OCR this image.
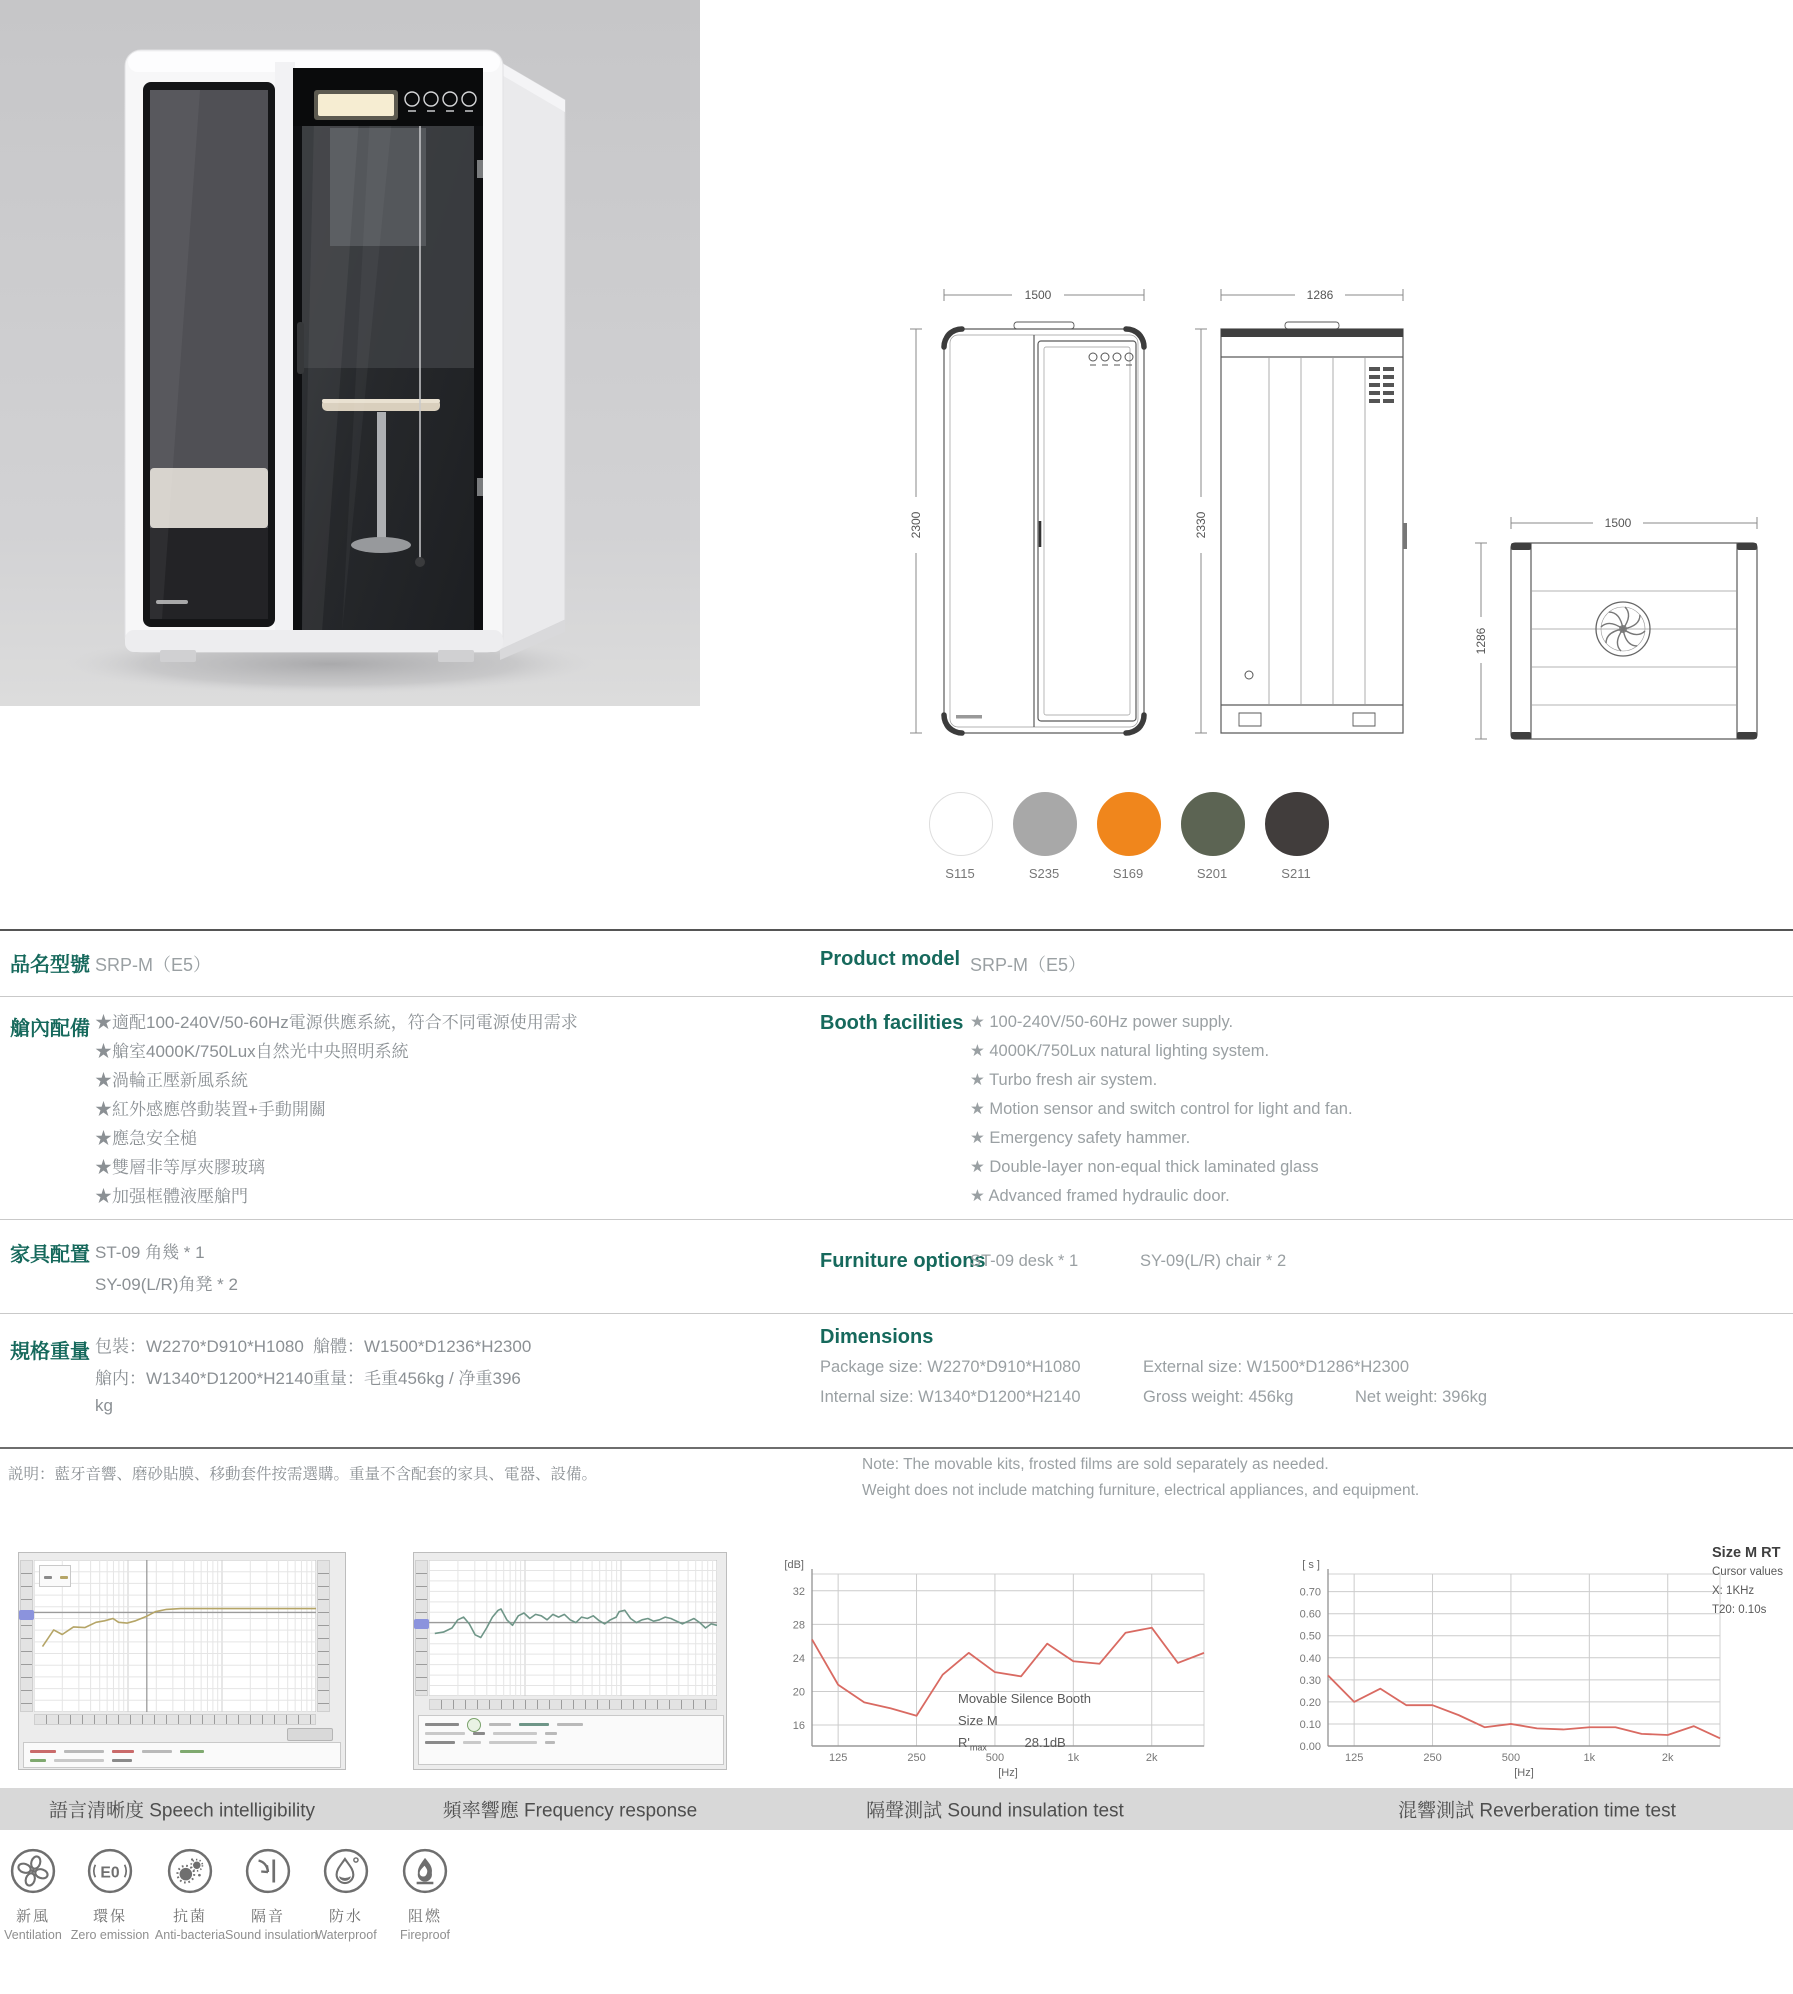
1500
2300
1286
2330	1500
1286
S115	S235	S169	S201	S211
品名型號 SRP-M（E5）	Product model SRP-M（E5）
艙內配備 ★適配100-240V/50-60Hz電源供應系統，符合不同電源使用需求
★艙室4000K/750Lux自然光中央照明系統
★渦輪正壓新風系統
★紅外感應啓動裝置+手動開關
★應急安全槌
★雙層非等厚夾膠玻璃
★加强框體液壓艙門
Booth facilities ★ 100-240V/50-60Hz power supply.
★ 4000K/750Lux natural lighting system.
★ Turbo fresh air system.
★ Motion sensor and switch control for light and fan.
★ Emergency safety hammer.
★ Double-layer non-equal thick laminated glass
★ Advanced framed hydraulic door.
家具配置 ST-09 角幾 * 1
SY-09(L/R)角凳 * 2
Furniture options
ST-09 desk * 1	SY-09(L/R) chair * 2
規格重量 包裝：W2270*D910*H1080 艙體：W1500*D1236*H2300
艙内：W1340*D1200*H2140 重量：毛重456kg / 净重396
kg
Dimensions
Package size: W2270*D910*H1080	External size: W1500*D1286*H2300
Internal size: W1340*D1200*H2140	Gross weight: 456kg	Net weight: 396kg
説明：藍牙音響、磨砂貼膜、移動套件按需選購。重量不含配套的家具、電器、設備。
Note: The movable kits, frosted films are sold separately as needed.
Weight does not include matching furniture, electrical appliances, and equipment.

16
20
24
28
32
125	250	500	1k	2k
[dB]
[Hz]
Movable Silence Booth
Size M
$R'_{max}$	28.1dB	0.00
0.10
0.20
0.30
0.40
0.50
0.60
0.70
125	250	500	1k	2k
[ s ]
[Hz]
Size M RT
Cursor values
X: 1KHz
T20: 0.10s
語言清晰度 Speech intelligibility	頻率響應 Frequency response	隔聲測試 Sound insulation test	混響測試 Reverberation time test
新風
Ventilation
E0
環保
Zero emission
抗菌
Anti-bacteria
隔音
Sound insulation
防水
Waterproof
阻燃
Fireproof
